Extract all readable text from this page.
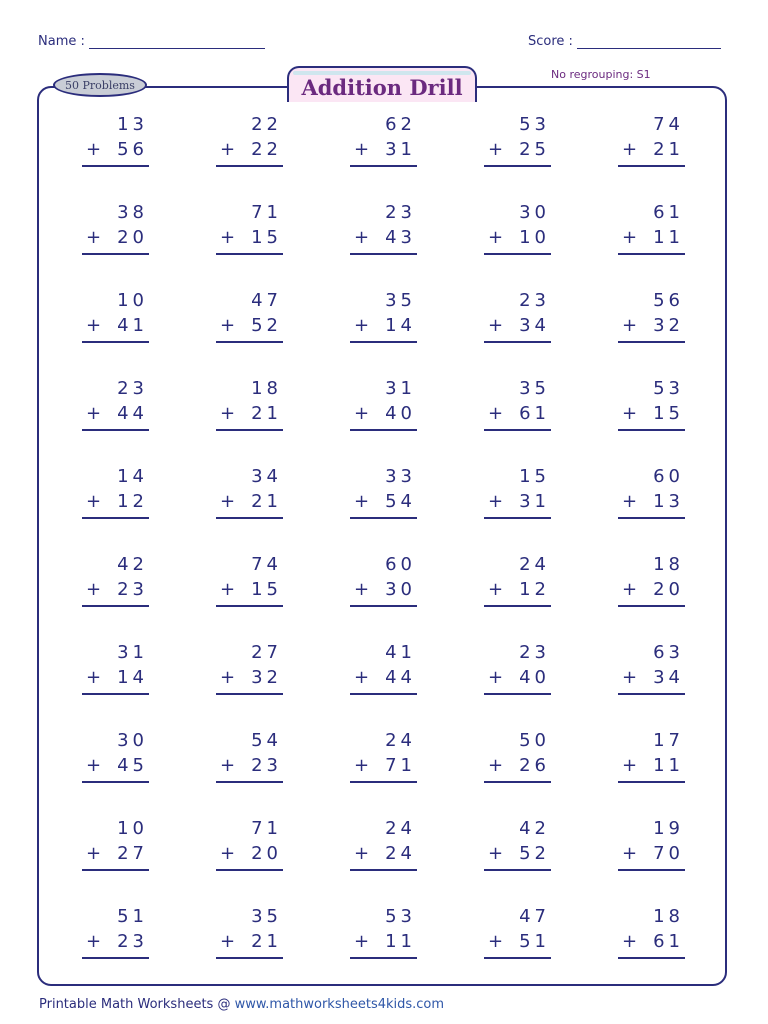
Name :	Score :
50 Problems	Addition Drill	No regrouping: S1
13
+ 56
22
+ 22
62
+ 31
53
+ 25
74
+ 21
38
+ 20
71
+ 15
23
+ 43
30
+ 10
61
+ 11
10
+ 41
47
+ 52
35
+ 14
23
+ 34
56
+ 32
23
+ 44
18
+ 21
31
+ 40
35
+ 61
53
+ 15
14
+ 12
34
+ 21
33
+ 54
15
+ 31
60
+ 13
42
+ 23
74
+ 15
60
+ 30
24
+ 12
18
+ 20
31
+ 14
27
+ 32
41
+ 44
23
+ 40
63
+ 34
30
+ 45
54
+ 23
24
+ 71
50
+ 26
17
+ 11
10
+ 27
71
+ 20
24
+ 24
42
+ 52
19
+ 70
51
+ 23
35
+ 21
53
+ 11
47
+ 51
18
+ 61
Printable Math Worksheets @ www.mathworksheets4kids.com
